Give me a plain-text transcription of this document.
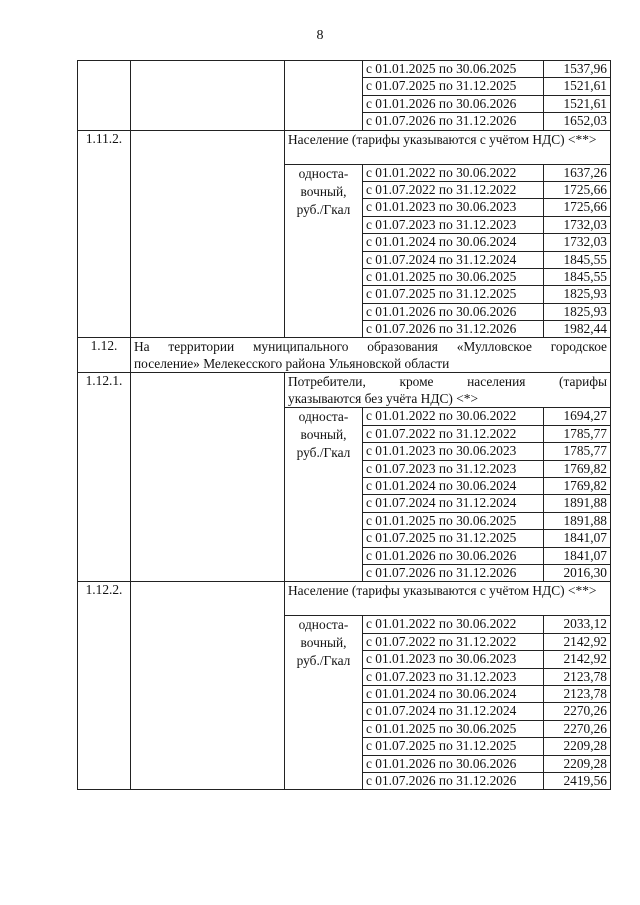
8
			с 01.01.2025 по 30.06.2025	1537,96
			с 01.07.2025 по 31.12.2025	1521,61
			с 01.01.2026 по 30.06.2026	1521,61
			с 01.07.2026 по 31.12.2026	1652,03
1.11.2.		Население (тарифы указываются с учётом НДС) <**>		

		односта-
вочный,
руб./Гкал	с 01.01.2022 по 30.06.2022	1637,26
			с 01.07.2022 по 31.12.2022	1725,66
			с 01.01.2023 по 30.06.2023	1725,66
			с 01.07.2023 по 31.12.2023	1732,03
			с 01.01.2024 по 30.06.2024	1732,03
			с 01.07.2024 по 31.12.2024	1845,55
			с 01.01.2025 по 30.06.2025	1845,55
			с 01.07.2025 по 31.12.2025	1825,93
			с 01.01.2026 по 30.06.2026	1825,93
			с 01.07.2026 по 31.12.2026	1982,44
1.12.	На территории муниципального образования «Мулловское городское
поселение» Мелекесского района Ульяновской области			

1.12.1.		Потребители, кроме населения (тарифы
указываются без учёта НДС) <*>		

		односта-
вочный,
руб./Гкал	с 01.01.2022 по 30.06.2022	1694,27
			с 01.07.2022 по 31.12.2022	1785,77
			с 01.01.2023 по 30.06.2023	1785,77
			с 01.07.2023 по 31.12.2023	1769,82
			с 01.01.2024 по 30.06.2024	1769,82
			с 01.07.2024 по 31.12.2024	1891,88
			с 01.01.2025 по 30.06.2025	1891,88
			с 01.07.2025 по 31.12.2025	1841,07
			с 01.01.2026 по 30.06.2026	1841,07
			с 01.07.2026 по 31.12.2026	2016,30
1.12.2.		Население (тарифы указываются с учётом НДС) <**>		

		односта-
вочный,
руб./Гкал	с 01.01.2022 по 30.06.2022	2033,12
			с 01.07.2022 по 31.12.2022	2142,92
			с 01.01.2023 по 30.06.2023	2142,92
			с 01.07.2023 по 31.12.2023	2123,78
			с 01.01.2024 по 30.06.2024	2123,78
			с 01.07.2024 по 31.12.2024	2270,26
			с 01.01.2025 по 30.06.2025	2270,26
			с 01.07.2025 по 31.12.2025	2209,28
			с 01.01.2026 по 30.06.2026	2209,28
			с 01.07.2026 по 31.12.2026	2419,56
